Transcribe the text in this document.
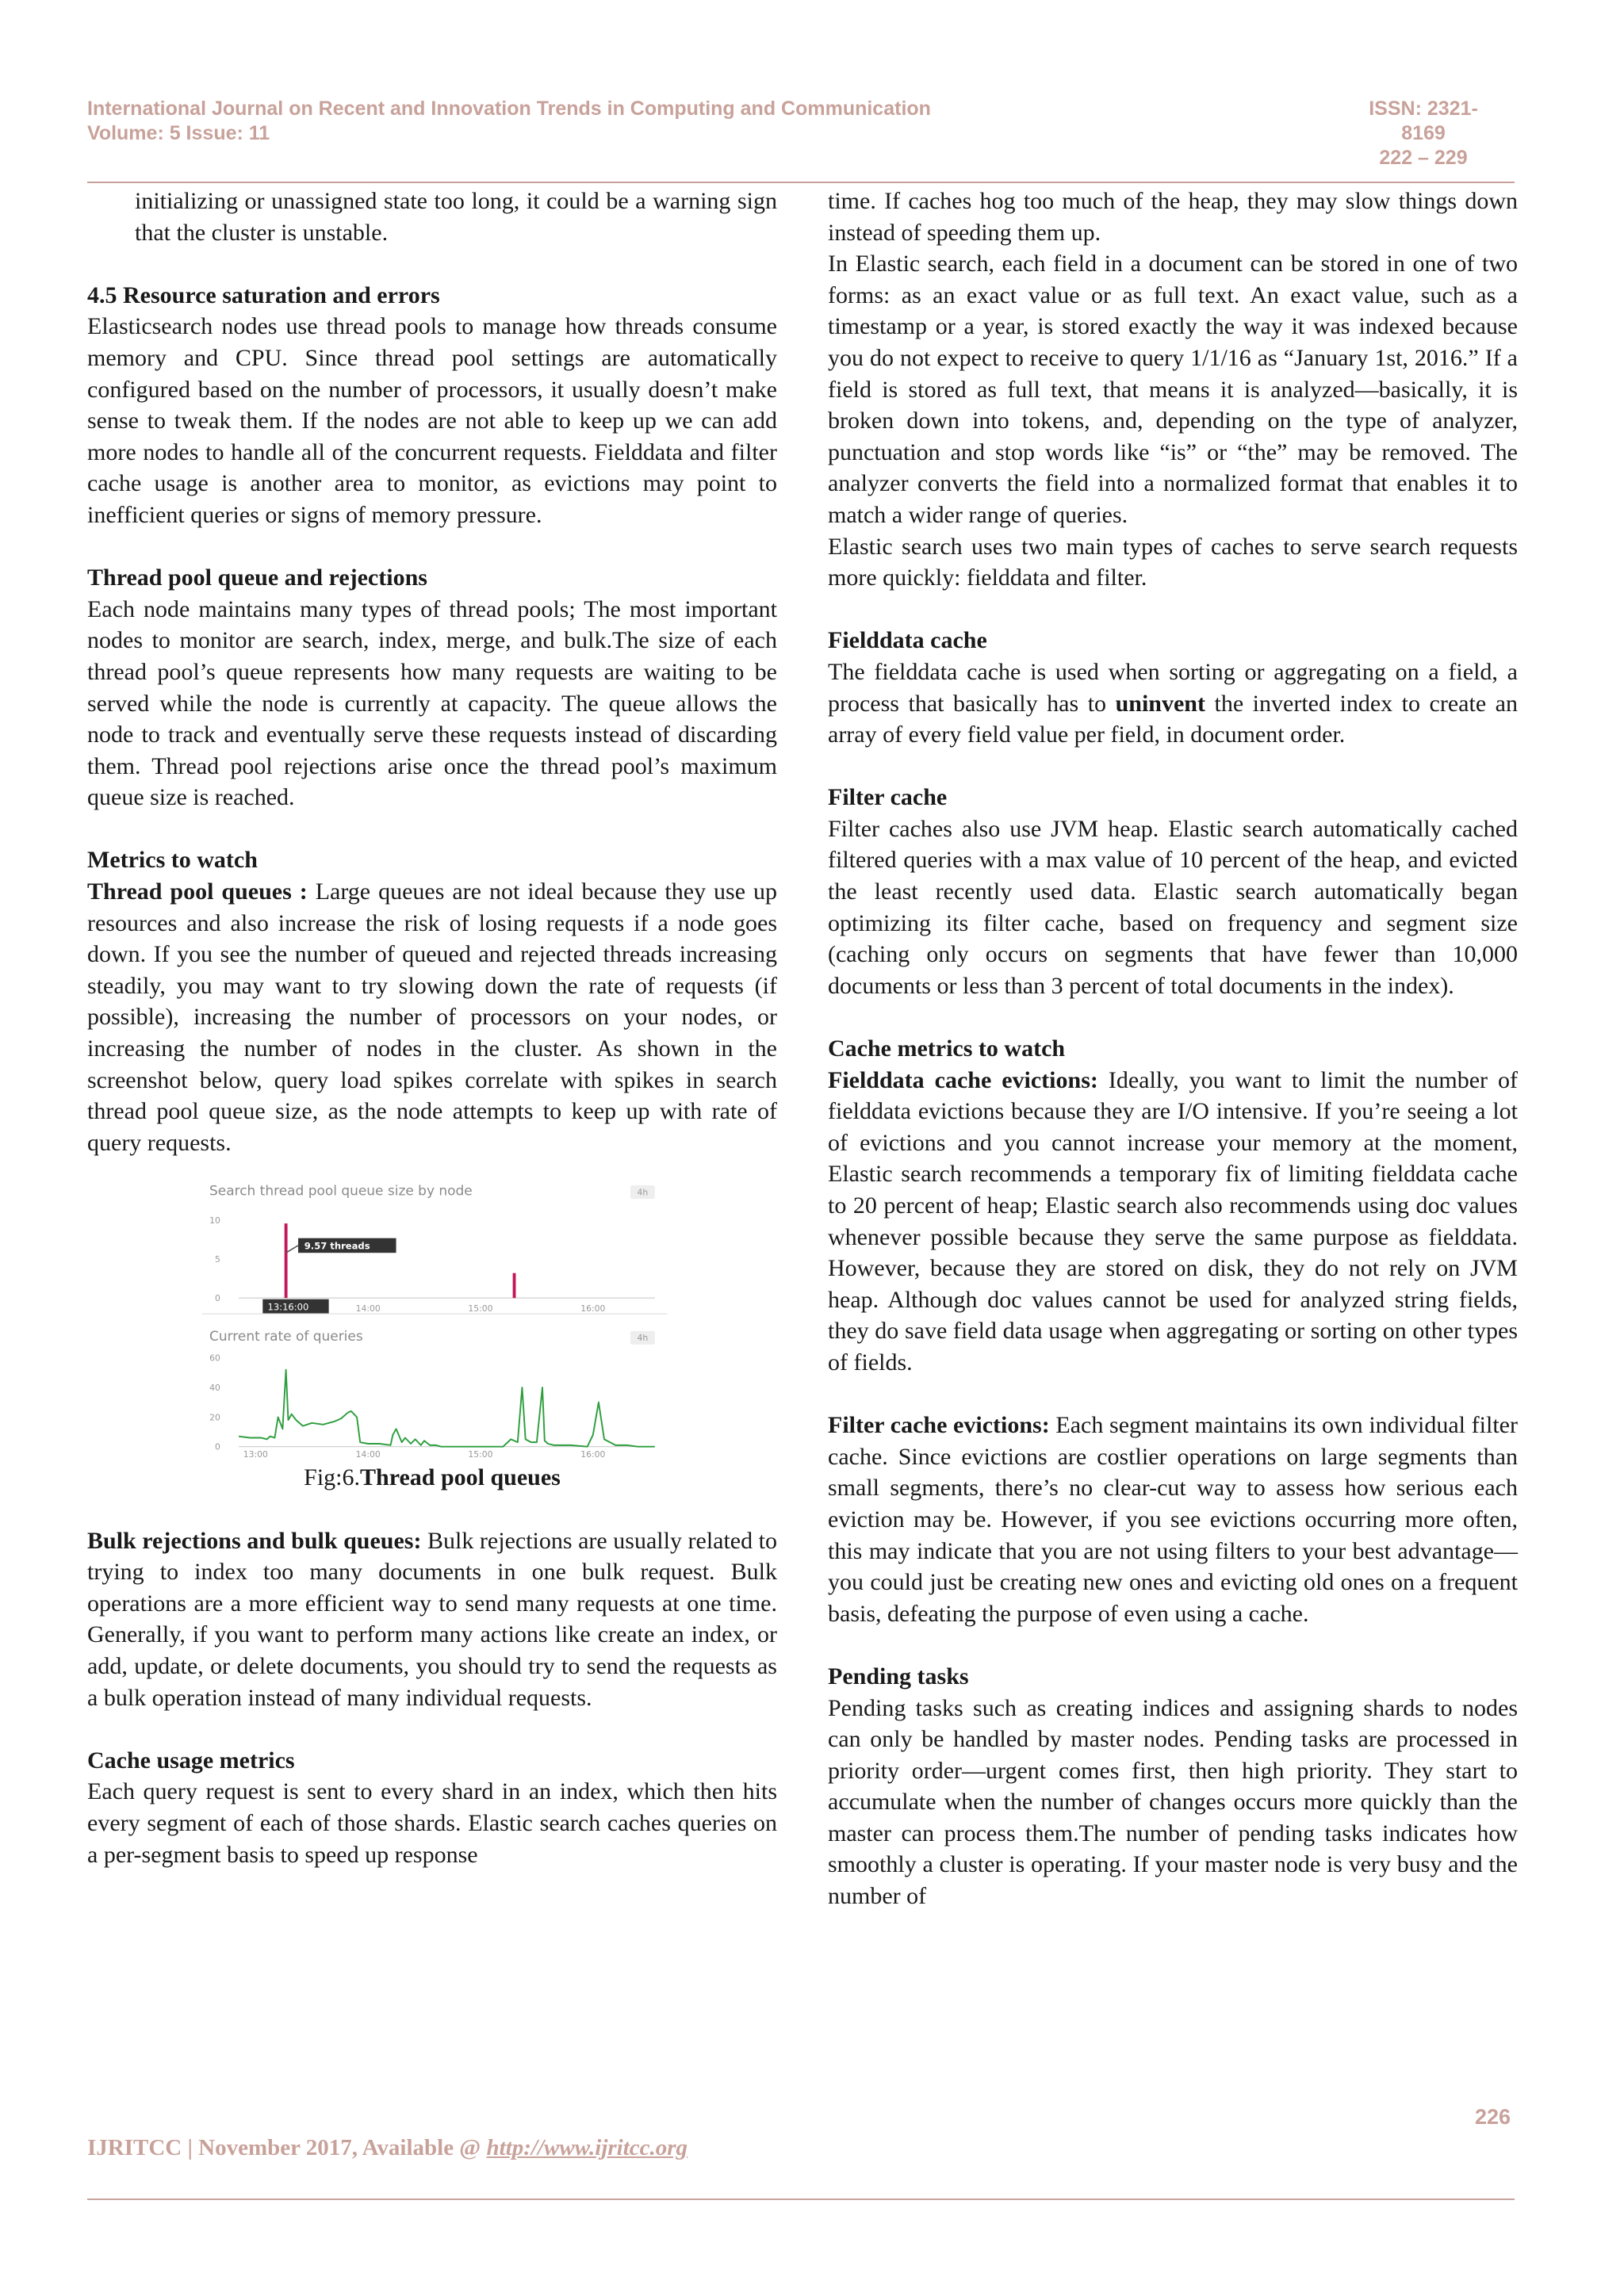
International Journal on Recent and Innovation Trends in Computing and Communication
Volume: 5 Issue: 11
ISSN: 2321-8169
222 – 229

initializing or unassigned state too long, it could be a warning sign that the cluster is unstable.

4.5 Resource saturation and errors

Elasticsearch nodes use thread pools to manage how threads consume memory and CPU. Since thread pool settings are automatically configured based on the number of processors, it usually doesn’t make sense to tweak them. If the nodes are not able to keep up we can add more nodes to handle all of the concurrent requests. Fielddata and filter cache usage is another area to monitor, as evictions may point to inefficient queries or signs of memory pressure.

Thread pool queue and rejections

Each node maintains many types of thread pools; The most important nodes to monitor are search, index, merge, and bulk.The size of each thread pool’s queue represents how many requests are waiting to be served while the node is currently at capacity. The queue allows the node to track and eventually serve these requests instead of discarding them. Thread pool rejections arise once the thread pool’s maximum queue size is reached.

Metrics to watch

Thread pool queues : Large queues are not ideal because they use up resources and also increase the risk of losing requests if a node goes down. If you see the number of queued and rejected threads increasing steadily, you may want to try slowing down the rate of requests (if possible), increasing the number of processors on your nodes, or increasing the number of nodes in the cluster. As shown in the screenshot below, query load spikes correlate with spikes in search thread pool queue size, as the node attempts to keep up with rate of query requests.

Search thread pool queue size by node	4h
0
5
10
14:00	15:00	16:00
9.57 threads
13:16:00
Current rate of queries	4h
0
20
40
60
13:00	14:00	15:00	16:00

Fig:6.Thread pool queues

Bulk rejections and bulk queues: Bulk rejections are usually related to trying to index too many documents in one bulk request. Bulk operations are a more efficient way to send many requests at one time. Generally, if you want to perform many actions like create an index, or add, update, or delete documents, you should try to send the requests as a bulk operation instead of many individual requests.

Cache usage metrics

Each query request is sent to every shard in an index, which then hits every segment of each of those shards. Elastic search caches queries on a per-segment basis to speed up response

time. If caches hog too much of the heap, they may slow things down instead of speeding them up.

In Elastic search, each field in a document can be stored in one of two forms: as an exact value or as full text. An exact value, such as a timestamp or a year, is stored exactly the way it was indexed because you do not expect to receive to query 1/1/16 as “January 1st, 2016.” If a field is stored as full text, that means it is analyzed—basically, it is broken down into tokens, and, depending on the type of analyzer, punctuation and stop words like “is” or “the” may be removed. The analyzer converts the field into a normalized format that enables it to match a wider range of queries.

Elastic search uses two main types of caches to serve search requests more quickly: fielddata and filter.

Fielddata cache

The fielddata cache is used when sorting or aggregating on a field, a process that basically has to uninvent the inverted index to create an array of every field value per field, in document order.

Filter cache

Filter caches also use JVM heap. Elastic search automatically cached filtered queries with a max value of 10 percent of the heap, and evicted the least recently used data. Elastic search automatically began optimizing its filter cache, based on frequency and segment size (caching only occurs on segments that have fewer than 10,000 documents or less than 3 percent of total documents in the index).

Cache metrics to watch

Fielddata cache evictions: Ideally, you want to limit the number of fielddata evictions because they are I/O intensive. If you’re seeing a lot of evictions and you cannot increase your memory at the moment, Elastic search recommends a temporary fix of limiting fielddata cache to 20 percent of heap; Elastic search also recommends using doc values whenever possible because they serve the same purpose as fielddata. However, because they are stored on disk, they do not rely on JVM heap. Although doc values cannot be used for analyzed string fields, they do save field data usage when aggregating or sorting on other types of fields.

Filter cache evictions: Each segment maintains its own individual filter cache. Since evictions are costlier operations on large segments than small segments, there’s no clear-cut way to assess how serious each eviction may be. However, if you see evictions occurring more often, this may indicate that you are not using filters to your best advantage—you could just be creating new ones and evicting old ones on a frequent basis, defeating the purpose of even using a cache.

Pending tasks

Pending tasks such as creating indices and assigning shards to nodes can only be handled by master nodes. Pending tasks are processed in priority order—urgent comes first, then high priority. They start to accumulate when the number of changes occurs more quickly than the master can process them.The number of pending tasks indicates how smoothly a cluster is operating. If your master node is very busy and the number of

226
IJRITCC | November 2017, Available @ http://www.ijritcc.org
